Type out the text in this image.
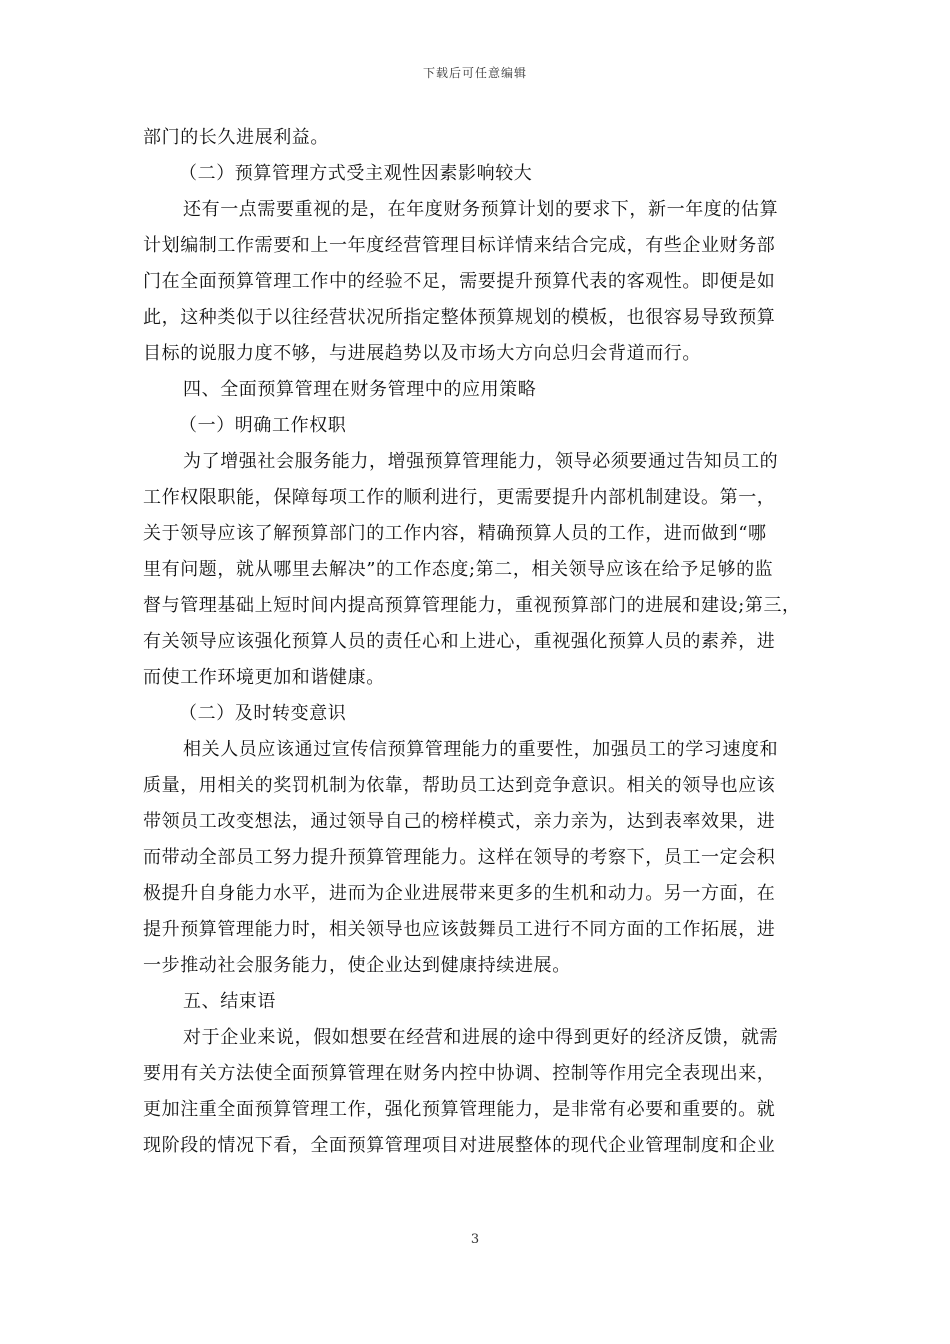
下载后可任意编辑
部门的长久进展利益。
（二）预算管理方式受主观性因素影响较大
还有一点需要重视的是，在年度财务预算计划的要求下，新一年度的估算
计划编制工作需要和上一年度经营管理目标详情来结合完成，有些企业财务部
门在全面预算管理工作中的经验不足，需要提升预算代表的客观性。即便是如
此，这种类似于以往经营状况所指定整体预算规划的模板，也很容易导致预算
目标的说服力度不够，与进展趋势以及市场大方向总归会背道而行。
四、全面预算管理在财务管理中的应用策略
（一）明确工作权职
为了增强社会服务能力，增强预算管理能力，领导必须要通过告知员工的
工作权限职能，保障每项工作的顺利进行，更需要提升内部机制建设。第一，
关于领导应该了解预算部门的工作内容，精确预算人员的工作，进而做到“哪
里有问题，就从哪里去解决”的工作态度;第二，相关领导应该在给予足够的监
督与管理基础上短时间内提高预算管理能力，重视预算部门的进展和建设;第三，
有关领导应该强化预算人员的责任心和上进心，重视强化预算人员的素养，进
而使工作环境更加和谐健康。
（二）及时转变意识
相关人员应该通过宣传信预算管理能力的重要性，加强员工的学习速度和
质量，用相关的奖罚机制为依靠，帮助员工达到竞争意识。相关的领导也应该
带领员工改变想法，通过领导自己的榜样模式，亲力亲为，达到表率效果，进
而带动全部员工努力提升预算管理能力。这样在领导的考察下，员工一定会积
极提升自身能力水平，进而为企业进展带来更多的生机和动力。另一方面，在
提升预算管理能力时，相关领导也应该鼓舞员工进行不同方面的工作拓展，进
一步推动社会服务能力，使企业达到健康持续进展。
五、结束语
对于企业来说，假如想要在经营和进展的途中得到更好的经济反馈，就需
要用有关方法使全面预算管理在财务内控中协调、控制等作用完全表现出来，
更加注重全面预算管理工作，强化预算管理能力，是非常有必要和重要的。就
现阶段的情况下看，全面预算管理项目对进展整体的现代企业管理制度和企业
3
